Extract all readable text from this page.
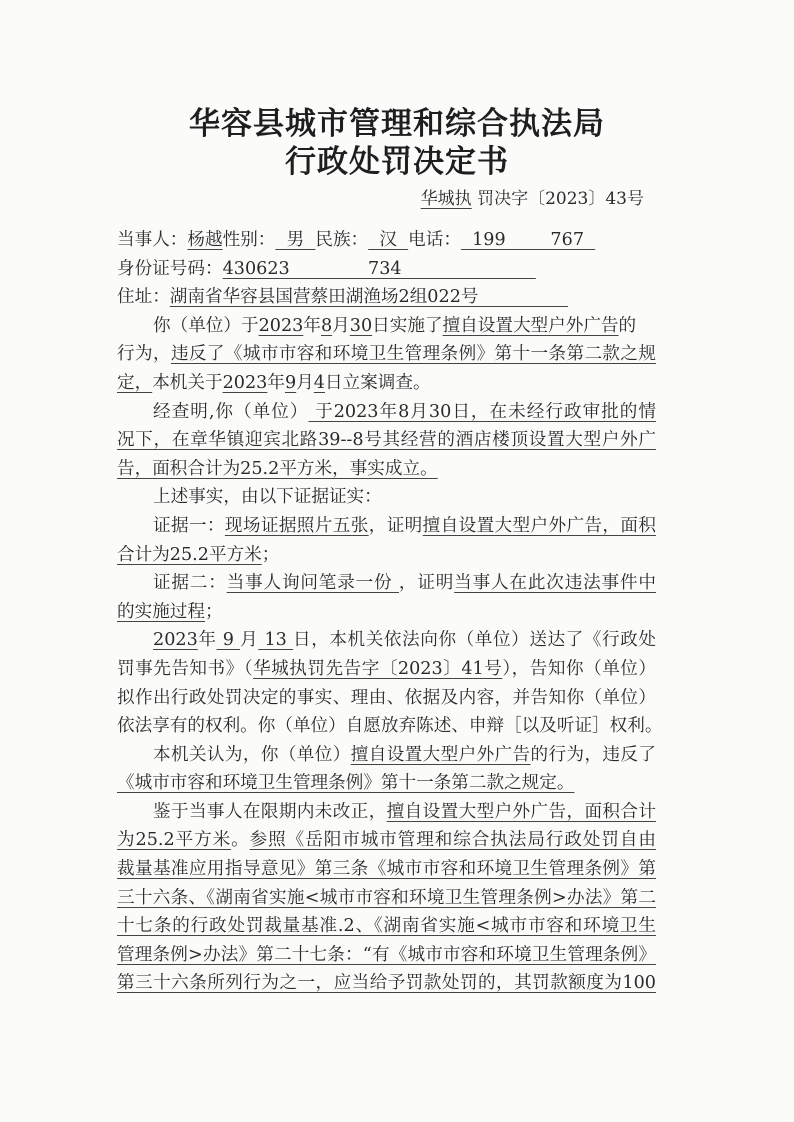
华容县城市管理和综合执法局
行政处罚决定书
华城执 罚决字〔2023〕43号
当事人：杨越性别：  男  民族：  汉  电话：  199        767
身份证号码：430623              734
住址：湖南省华容县国营蔡田湖渔场2组022号
你（单位）于2023年8月30日实施了擅自设置大型户外广告的
行为，违反了《城市市容和环境卫生管理条例》第十一条第二款之规
定，本机关于2023年9月4日立案调查。
经查明,你（单位） 于2023年8月30日，在未经行政审批的情
况下，在章华镇迎宾北路39--8号其经营的酒店楼顶设置大型户外广
告，面积合计为25.2平方米，事实成立。
上述事实，由以下证据证实：
证据一：现场证据照片五张，证明擅自设置大型户外广告，面积
合计为25.2平方米；
证据二：当事人询问笔录一份 ，证明当事人在此次违法事件中
的实施过程；
2023年 9 月 13 日，本机关依法向你（单位）送达了《行政处
罚事先告知书》（华城执罚先告字〔2023〕41号），告知你（单位）
拟作出行政处罚决定的事实、理由、依据及内容，并告知你（单位）
依法享有的权利。你（单位）自愿放弃陈述、申辩［以及听证］权利。
本机关认为，你（单位）擅自设置大型户外广告的行为，违反了
《城市市容和环境卫生管理条例》第十一条第二款之规定。
鉴于当事人在限期内未改正，擅自设置大型户外广告，面积合计
为25.2平方米。参照《岳阳市城市管理和综合执法局行政处罚自由
裁量基准应用指导意见》第三条《城市市容和环境卫生管理条例》第
三十六条、《湖南省实施<城市市容和环境卫生管理条例>办法》第二
十七条的行政处罚裁量基准.2、《湖南省实施<城市市容和环境卫生
管理条例>办法》第二十七条：“有《城市市容和环境卫生管理条例》
第三十六条所列行为之一，应当给予罚款处罚的，其罚款额度为100
